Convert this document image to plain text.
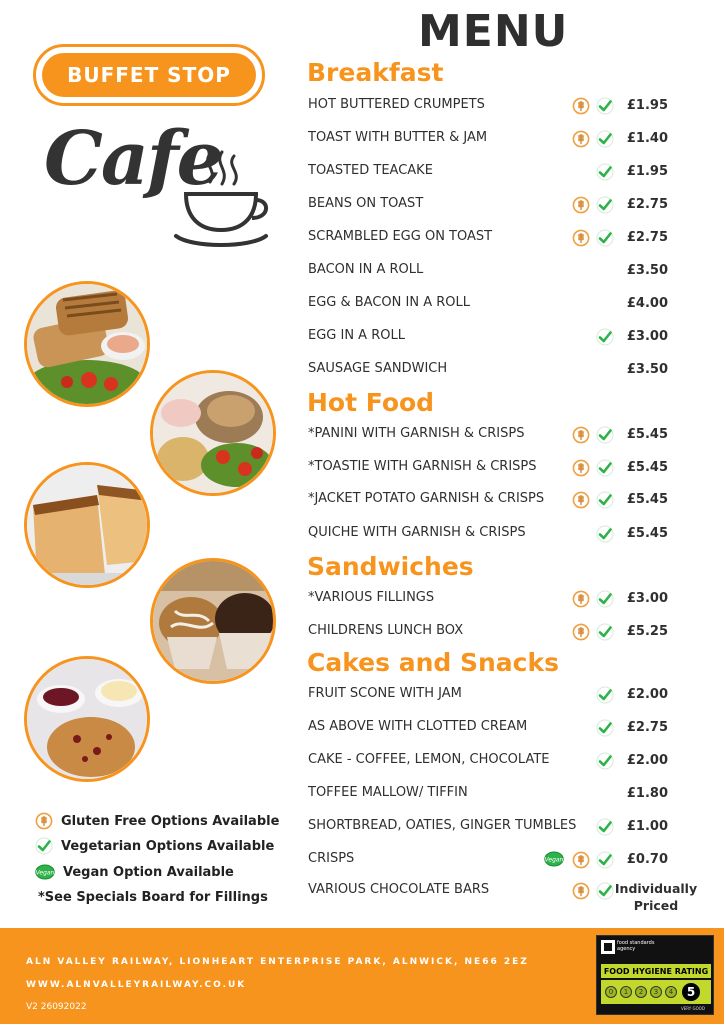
MENU
BUFFET STOP
Cafe
Breakfast
HOT BUTTERED CRUMPETS	£1.95
TOAST WITH BUTTER & JAM	£1.40
TOASTED TEACAKE	£1.95
BEANS ON TOAST	£2.75
SCRAMBLED EGG ON TOAST	£2.75
BACON IN A ROLL	£3.50
EGG & BACON IN A ROLL	£4.00
EGG IN A ROLL	£3.00
SAUSAGE SANDWICH	£3.50
Hot Food
*PANINI WITH GARNISH & CRISPS	£5.45
*TOASTIE WITH GARNISH & CRISPS	£5.45
*JACKET POTATO GARNISH & CRISPS	£5.45
QUICHE WITH GARNISH & CRISPS	£5.45
Sandwiches
*VARIOUS FILLINGS	£3.00
CHILDRENS LUNCH BOX	£5.25
Cakes and Snacks
FRUIT SCONE WITH JAM	£2.00
AS ABOVE WITH CLOTTED CREAM	£2.75
CAKE - COFFEE, LEMON, CHOCOLATE	£2.00
TOFFEE MALLOW/ TIFFIN	£1.80
SHORTBREAD, OATIES, GINGER TUMBLES	£1.00
CRISPS	Vegan	£0.70
VARIOUS CHOCOLATE BARS	Individually Priced
Gluten Free Options Available
Vegetarian Options Available
Vegan Vegan Option Available
*See Specials Board for Fillings
ALN VALLEY RAILWAY, LIONHEART ENTERPRISE PARK, ALNWICK, NE66 2EZ
WWW.ALNVALLEYRAILWAY.CO.UK
V2 26092022
food standards agency
FOOD HYGIENE RATING
0	1	2	3	4	5
VERY GOOD
